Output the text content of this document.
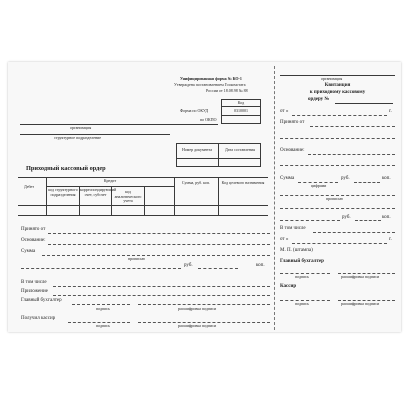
Унифицированная форма № КО-1
Утверждена постановлением Госкомстата
России от 18.08.98 № 88
Код
0310001
Форма по ОКУД
по ОКПО
организация
структурное подразделение
Номер документа	Дата составления
Приходный кассовый ордер
Дебет
Кредит
код структурного подразделения
корреспондирующий счет, субсчет
код аналитического учета
Сумма, руб. коп.	Код целевого назначения
Принято от
Основание:
Сумма
прописью
руб.	коп.
В том числе
Приложение
Главный бухгалтер
подпись	расшифровка подписи
Получил кассир
подпись	расшифровка подписи
организация
Квитанция
к приходному кассовому
ордеру №
от «	г.
Принято от
Основание:
Сумма	руб.	коп.
цифрами
прописью
руб.	коп.
В том числе
от «	г.
М. П. (штампа)
Главный бухгалтер
подпись	расшифровка подписи
Кассир
подпись	расшифровка подписи
